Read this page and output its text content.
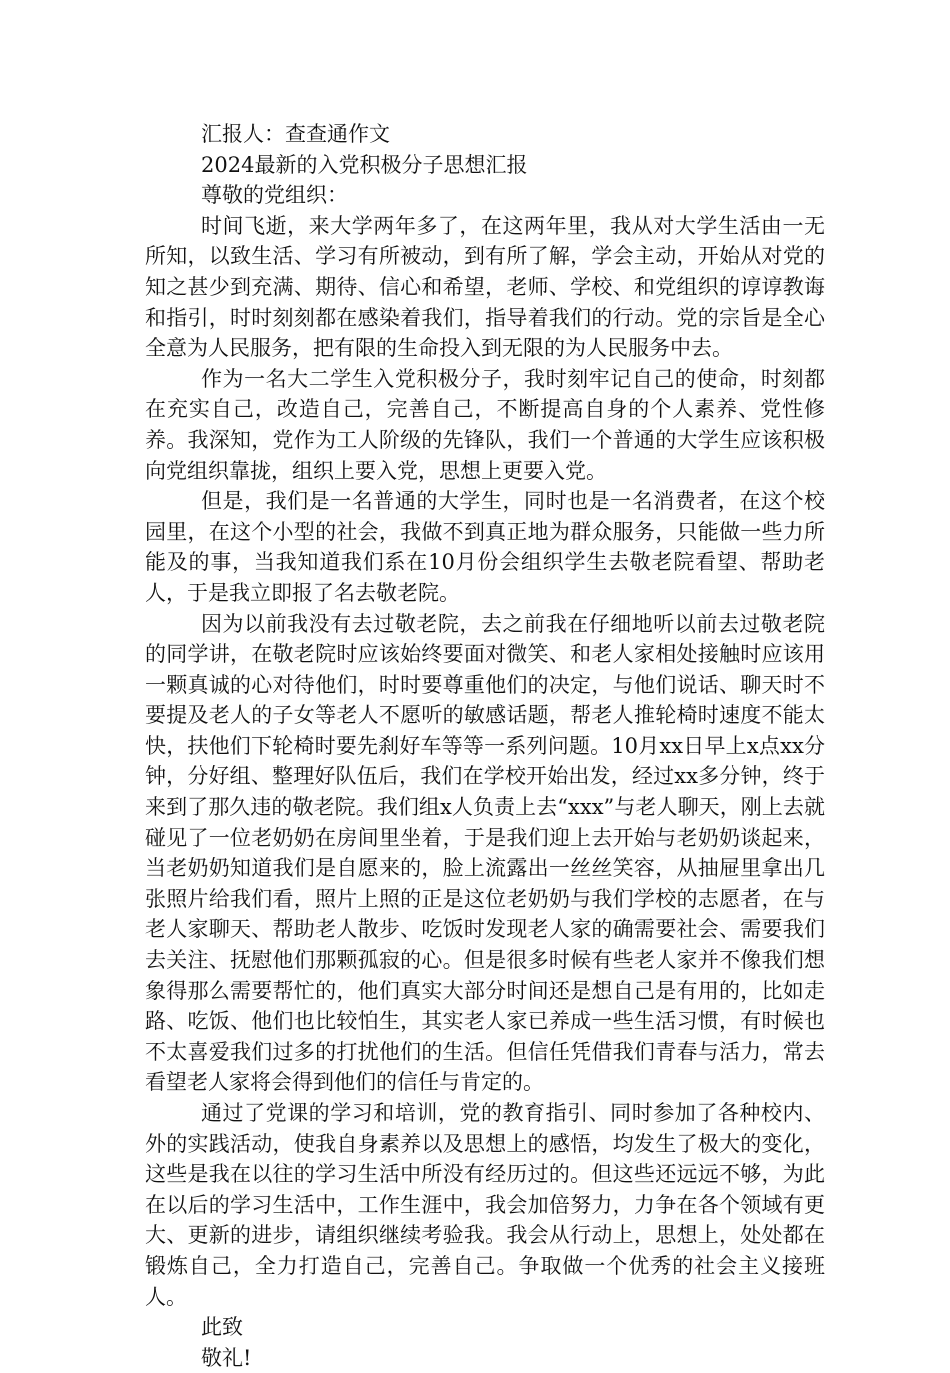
汇报人：查查通作文

2024最新的入党积极分子思想汇报

尊敬的党组织：

时间飞逝，来大学两年多了，在这两年里，我从对大学生活由一无所知，以致生活、学习有所被动，到有所了解，学会主动，开始从对党的知之甚少到充满、期待、信心和希望，老师、学校、和党组织的谆谆教诲和指引，时时刻刻都在感染着我们，指导着我们的行动。党的宗旨是全心全意为人民服务，把有限的生命投入到无限的为人民服务中去。

作为一名大二学生入党积极分子，我时刻牢记自己的使命，时刻都在充实自己，改造自己，完善自己，不断提高自身的个人素养、党性修养。我深知，党作为工人阶级的先锋队，我们一个普通的大学生应该积极向党组织靠拢，组织上要入党，思想上更要入党。

但是，我们是一名普通的大学生，同时也是一名消费者，在这个校园里，在这个小型的社会，我做不到真正地为群众服务，只能做一些力所能及的事，当我知道我们系在10月份会组织学生去敬老院看望、帮助老人，于是我立即报了名去敬老院。

因为以前我没有去过敬老院，去之前我在仔细地听以前去过敬老院的同学讲，在敬老院时应该始终要面对微笑、和老人家相处接触时应该用一颗真诚的心对待他们，时时要尊重他们的决定，与他们说话、聊天时不要提及老人的子女等老人不愿听的敏感话题，帮老人推轮椅时速度不能太快，扶他们下轮椅时要先刹好车等等一系列问题。10月xx日早上x点xx分钟，分好组、整理好队伍后，我们在学校开始出发，经过xx多分钟，终于来到了那久违的敬老院。我们组x人负责上去“xxx”与老人聊天，刚上去就碰见了一位老奶奶在房间里坐着，于是我们迎上去开始与老奶奶谈起来，当老奶奶知道我们是自愿来的，脸上流露出一丝丝笑容，从抽屉里拿出几张照片给我们看，照片上照的正是这位老奶奶与我们学校的志愿者，在与老人家聊天、帮助老人散步、吃饭时发现老人家的确需要社会、需要我们去关注、抚慰他们那颗孤寂的心。但是很多时候有些老人家并不像我们想象得那么需要帮忙的，他们真实大部分时间还是想自己是有用的，比如走路、吃饭、他们也比较怕生，其实老人家已养成一些生活习惯，有时候也不太喜爱我们过多的打扰他们的生活。但信任凭借我们青春与活力，常去看望老人家将会得到他们的信任与肯定的。

通过了党课的学习和培训，党的教育指引、同时参加了各种校内、外的实践活动，使我自身素养以及思想上的感悟，均发生了极大的变化，这些是我在以往的学习生活中所没有经历过的。但这些还远远不够，为此在以后的学习生活中，工作生涯中，我会加倍努力，力争在各个领域有更大、更新的进步，请组织继续考验我。我会从行动上，思想上，处处都在锻炼自己，全力打造自己，完善自己。争取做一个优秀的社会主义接班人。

此致

敬礼!
